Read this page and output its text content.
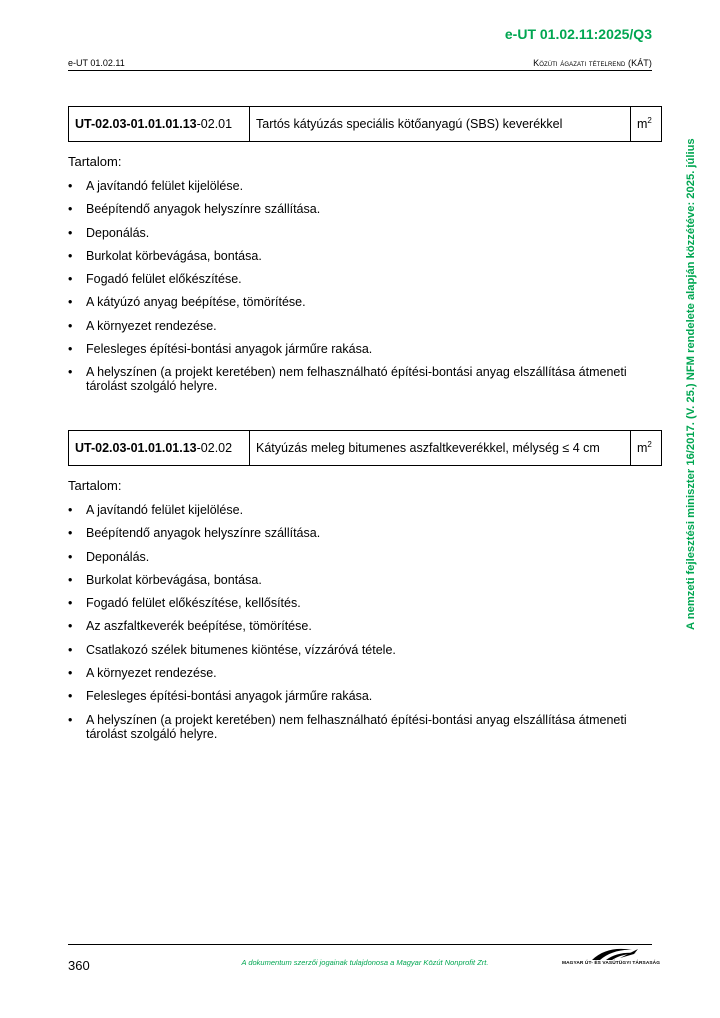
e-UT 01.02.11:2025/Q3
e-UT 01.02.11	Közúti ágazati tételrend (KÁT)
A nemzeti fejlesztési miniszter 16/2017. (V. 25.) NFM rendelete alapján közzétéve: 2025. július
UT-02.03-01.01.01.13-02.01	Tartós kátyúzás speciális kötőanyagú (SBS) keverékkel	$m^2$
Tartalom:
• A javítandó felület kijelölése.
• Beépítendő anyagok helyszínre szállítása.
• Deponálás.
• Burkolat körbevágása, bontása.
• Fogadó felület előkészítése.
• A kátyúzó anyag beépítése, tömörítése.
• A környezet rendezése.
• Felesleges építési-bontási anyagok járműre rakása.
• A helyszínen (a projekt keretében) nem felhasználható építési-bontási anyag elszállítása átmeneti tárolást szolgáló helyre.
UT-02.03-01.01.01.13-02.02	Kátyúzás meleg bitumenes aszfaltkeverékkel, mélység ≤ 4 cm	$m^2$
Tartalom:
• A javítandó felület kijelölése.
• Beépítendő anyagok helyszínre szállítása.
• Deponálás.
• Burkolat körbevágása, bontása.
• Fogadó felület előkészítése, kellősítés.
• Az aszfaltkeverék beépítése, tömörítése.
• Csatlakozó szélek bitumenes kiöntése, vízzáróvá tétele.
• A környezet rendezése.
• Felesleges építési-bontási anyagok járműre rakása.
• A helyszínen (a projekt keretében) nem felhasználható építési-bontási anyag elszállítása átmeneti tárolást szolgáló helyre.
360	A dokumentum szerzői jogainak tulajdonosa a Magyar Közút Nonprofit Zrt.	MAGYAR ÚT- ÉS VASÚTÜGYI TÁRSASÁG
